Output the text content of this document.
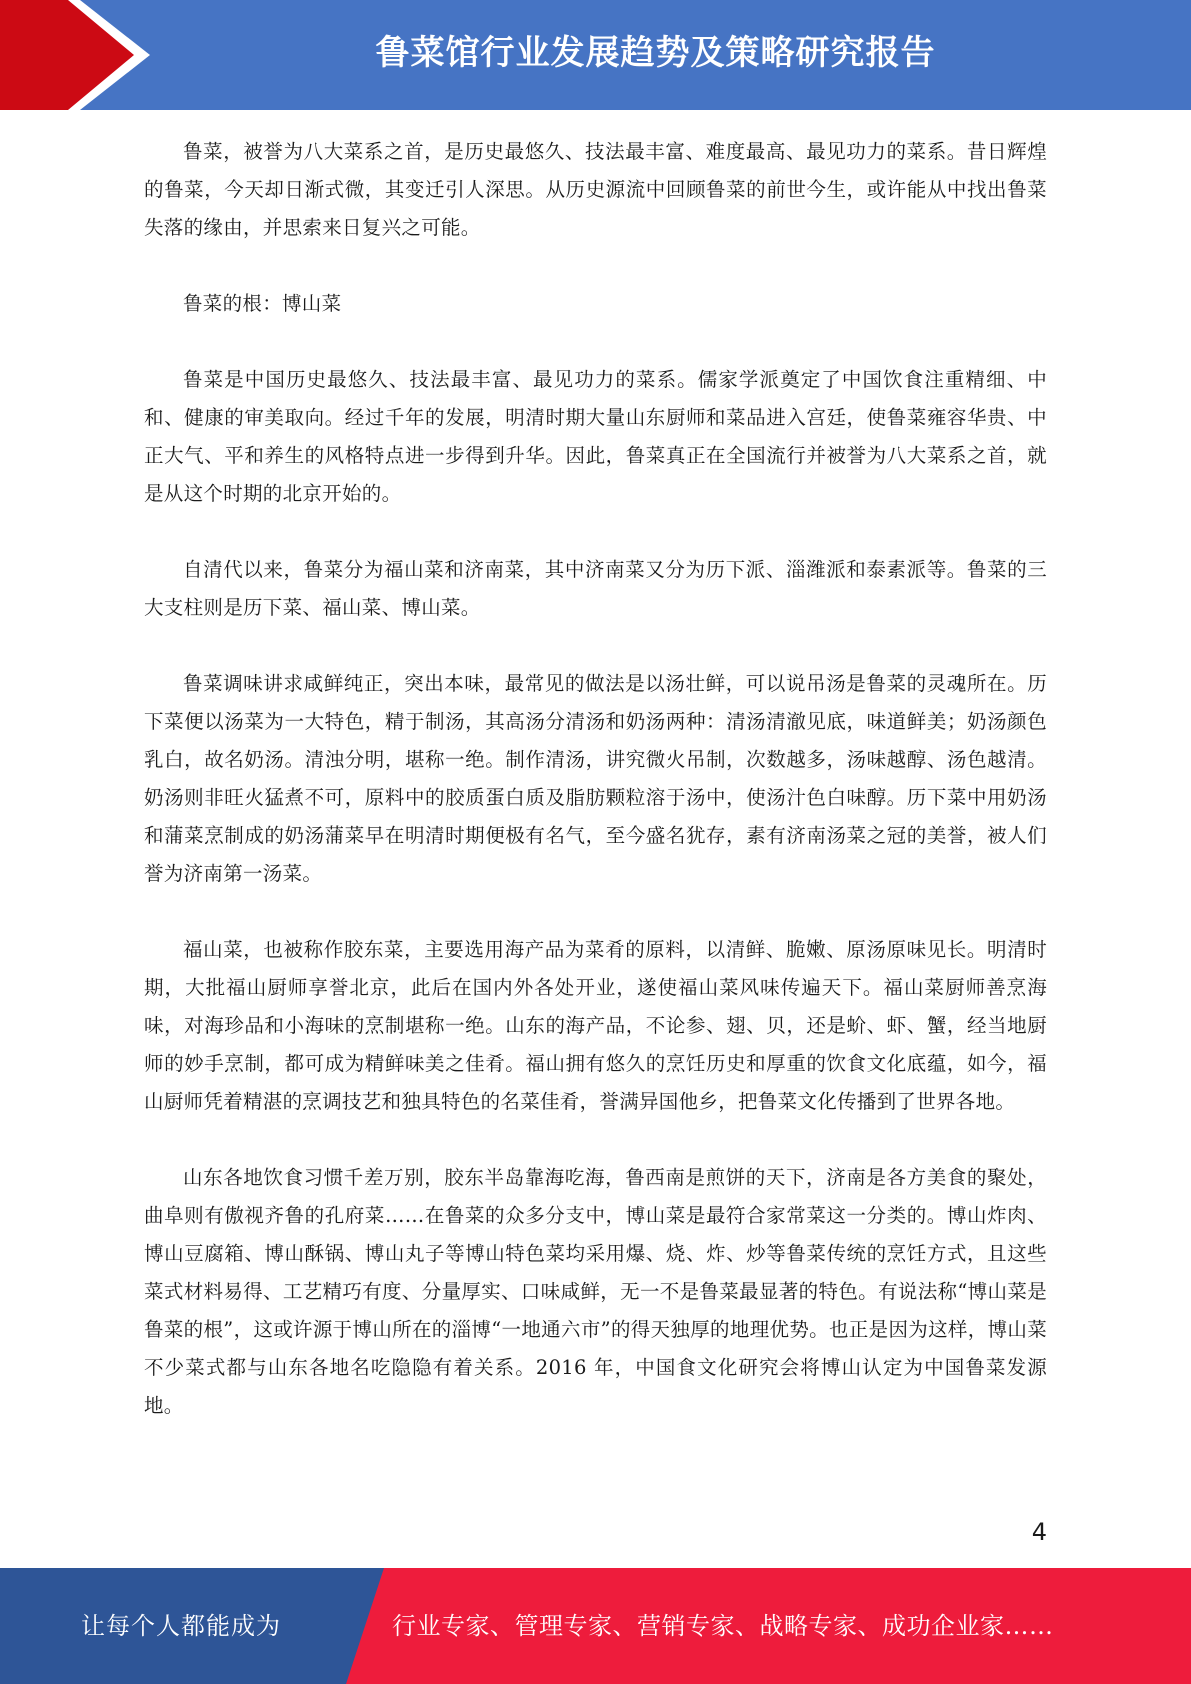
鲁菜馆行业发展趋势及策略研究报告

鲁菜，被誉为八大菜系之首，是历史最悠久、技法最丰富、难度最高、最见功力的菜系。昔日辉煌的鲁菜，今天却日渐式微，其变迁引人深思。从历史源流中回顾鲁菜的前世今生，或许能从中找出鲁菜失落的缘由，并思索来日复兴之可能。

鲁菜的根：博山菜

鲁菜是中国历史最悠久、技法最丰富、最见功力的菜系。儒家学派奠定了中国饮食注重精细、中和、健康的审美取向。经过千年的发展，明清时期大量山东厨师和菜品进入宫廷，使鲁菜雍容华贵、中正大气、平和养生的风格特点进一步得到升华。因此，鲁菜真正在全国流行并被誉为八大菜系之首，就是从这个时期的北京开始的。

自清代以来，鲁菜分为福山菜和济南菜，其中济南菜又分为历下派、淄潍派和泰素派等。鲁菜的三大支柱则是历下菜、福山菜、博山菜。

鲁菜调味讲求咸鲜纯正，突出本味，最常见的做法是以汤壮鲜，可以说吊汤是鲁菜的灵魂所在。历下菜便以汤菜为一大特色，精于制汤，其高汤分清汤和奶汤两种：清汤清澈见底，味道鲜美；奶汤颜色乳白，故名奶汤。清浊分明，堪称一绝。制作清汤，讲究微火吊制，次数越多，汤味越醇、汤色越清。奶汤则非旺火猛煮不可，原料中的胶质蛋白质及脂肪颗粒溶于汤中，使汤汁色白味醇。历下菜中用奶汤和蒲菜烹制成的奶汤蒲菜早在明清时期便极有名气，至今盛名犹存，素有济南汤菜之冠的美誉，被人们誉为济南第一汤菜。

福山菜，也被称作胶东菜，主要选用海产品为菜肴的原料，以清鲜、脆嫩、原汤原味见长。明清时期，大批福山厨师享誉北京，此后在国内外各处开业，遂使福山菜风味传遍天下。福山菜厨师善烹海味，对海珍品和小海味的烹制堪称一绝。山东的海产品，不论参、翅、贝，还是蚧、虾、蟹，经当地厨师的妙手烹制，都可成为精鲜味美之佳肴。福山拥有悠久的烹饪历史和厚重的饮食文化底蕴，如今，福山厨师凭着精湛的烹调技艺和独具特色的名菜佳肴，誉满异国他乡，把鲁菜文化传播到了世界各地。

山东各地饮食习惯千差万别，胶东半岛靠海吃海，鲁西南是煎饼的天下，济南是各方美食的聚处，曲阜则有傲视齐鲁的孔府菜……在鲁菜的众多分支中，博山菜是最符合家常菜这一分类的。博山炸肉、博山豆腐箱、博山酥锅、博山丸子等博山特色菜均采用爆、烧、炸、炒等鲁菜传统的烹饪方式，且这些菜式材料易得、工艺精巧有度、分量厚实、口味咸鲜，无一不是鲁菜最显著的特色。有说法称“博山菜是鲁菜的根”，这或许源于博山所在的淄博“一地通六市”的得天独厚的地理优势。也正是因为这样，博山菜不少菜式都与山东各地名吃隐隐有着关系。2016 年，中国食文化研究会将博山认定为中国鲁菜发源地。

4
让每个人都能成为	行业专家、管理专家、营销专家、战略专家、成功企业家……
